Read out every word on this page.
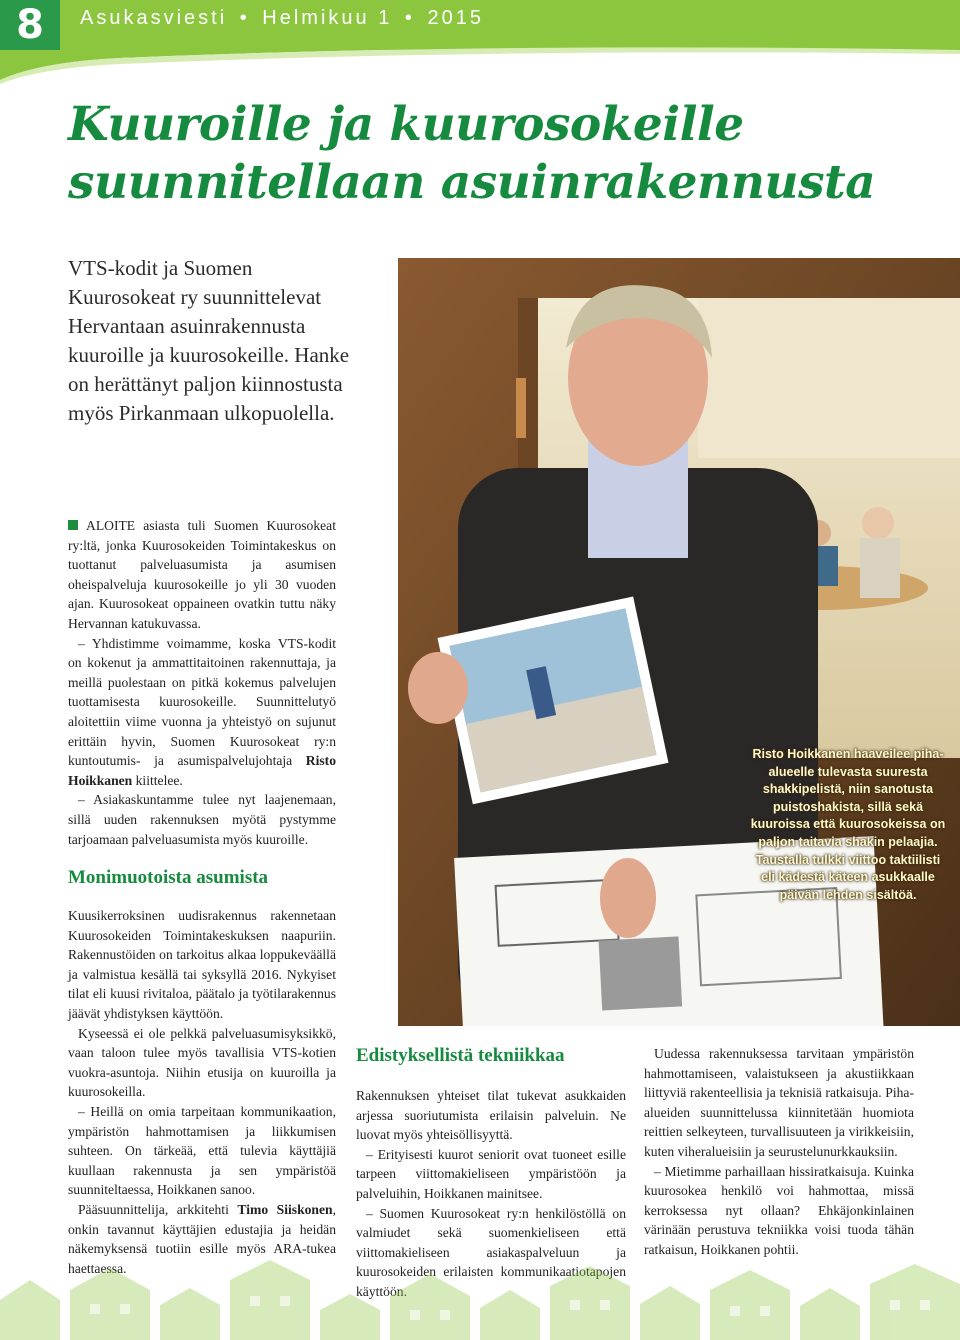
8	Asukasviesti • Helmikuu 1 • 2015
Kuuroille ja kuurosokeille
suunnitellaan asuinrakennusta
VTS-kodit ja Suomen Kuurosokeat ry suunnittelevat Hervantaan asuinrakennusta kuuroille ja kuurosokeille. Hanke on herättänyt paljon kiinnostusta myös Pirkanmaan ulkopuolella.

ALOITE asiasta tuli Suomen Kuurosokeat ry:ltä, jonka Kuurosokeiden Toimintakeskus on tuottanut palveluasumista ja asumisen oheispalveluja kuurosokeille jo yli 30 vuoden ajan. Kuurosokeat oppaineen ovatkin tuttu näky Hervannan katukuvassa.

– Yhdistimme voimamme, koska VTS-kodit on kokenut ja ammattitaitoinen rakennuttaja, ja meillä puolestaan on pitkä kokemus palvelujen tuottamisesta kuurosokeille. Suunnittelutyö aloitettiin viime vuonna ja yhteistyö on sujunut erittäin hyvin, Suomen Kuurosokeat ry:n kuntoutumis- ja asumispalvelujohtaja Risto Hoikkanen kiittelee.

– Asiakaskuntamme tulee nyt laajenemaan, sillä uuden rakennuksen myötä pystymme tarjoamaan palveluasumista myös kuuroille.

Monimuotoista asumista

Kuusikerroksinen uudisrakennus rakennetaan Kuurosokeiden Toimintakeskuksen naapuriin. Rakennustöiden on tarkoitus alkaa loppukeväällä ja valmistua kesällä tai syksyllä 2016. Nykyiset tilat eli kuusi rivitaloa, päätalo ja työtilarakennus jäävät yhdistyksen käyttöön.

Kyseessä ei ole pelkkä palveluasumisyksikkö, vaan taloon tulee myös tavallisia VTS-kotien vuokra-asuntoja. Niihin etusija on kuuroilla ja kuurosokeilla.

– Heillä on omia tarpeitaan kommunikaation, ympäristön hahmottamisen ja liikkumisen suhteen. On tärkeää, että tulevia käyttäjiä kuullaan rakennusta ja sen ympäristöä suunniteltaessa, Hoikkanen sanoo.

Pääsuunnittelija, arkkitehti Timo Siiskonen, onkin tavannut käyttäjien edustajia ja heidän näkemyksensä tuotiin esille myös ARA-tukea haettaessa.

Risto Hoikkanen haaveilee piha-alueelle tulevasta suuresta shakkipelistä, niin sanotusta puistoshakista, sillä sekä kuuroissa että kuurosokeissa on paljon taitavia shakin pelaajia. Taustalla tulkki viittoo taktiilisti eli kädestä käteen asukkaalle päivän lehden sisältöä.
Edistyksellistä tekniikkaa

Rakennuksen yhteiset tilat tukevat asukkaiden arjessa suoriutumista erilaisin palveluin. Ne luovat myös yhteisöllisyyttä.

– Erityisesti kuurot seniorit ovat tuoneet esille tarpeen viittomakieliseen ympäristöön ja palveluihin, Hoikkanen mainitsee.

– Suomen Kuurosokeat ry:n henkilöstöllä on valmiudet sekä suomenkieliseen että viittomakieliseen asiakaspalveluun ja kuurosokeiden erilaisten kommunikaatiotapojen käyttöön.

Uudessa rakennuksessa tarvitaan ympäristön hahmottamiseen, valaistukseen ja akustiikkaan liittyviä rakenteellisia ja teknisiä ratkaisuja. Piha-alueiden suunnittelussa kiinnitetään huomiota reittien selkeyteen, turvallisuuteen ja virikkeisiin, kuten viheralueisiin ja seurustelunurkkauksiin.

– Mietimme parhaillaan hissiratkaisuja. Kuinka kuurosokea henkilö voi hahmottaa, missä kerroksessa nyt ollaan? Ehkäjonkinlainen värinään perustuva tekniikka voisi tuoda tähän ratkaisun, Hoikkanen pohtii.
